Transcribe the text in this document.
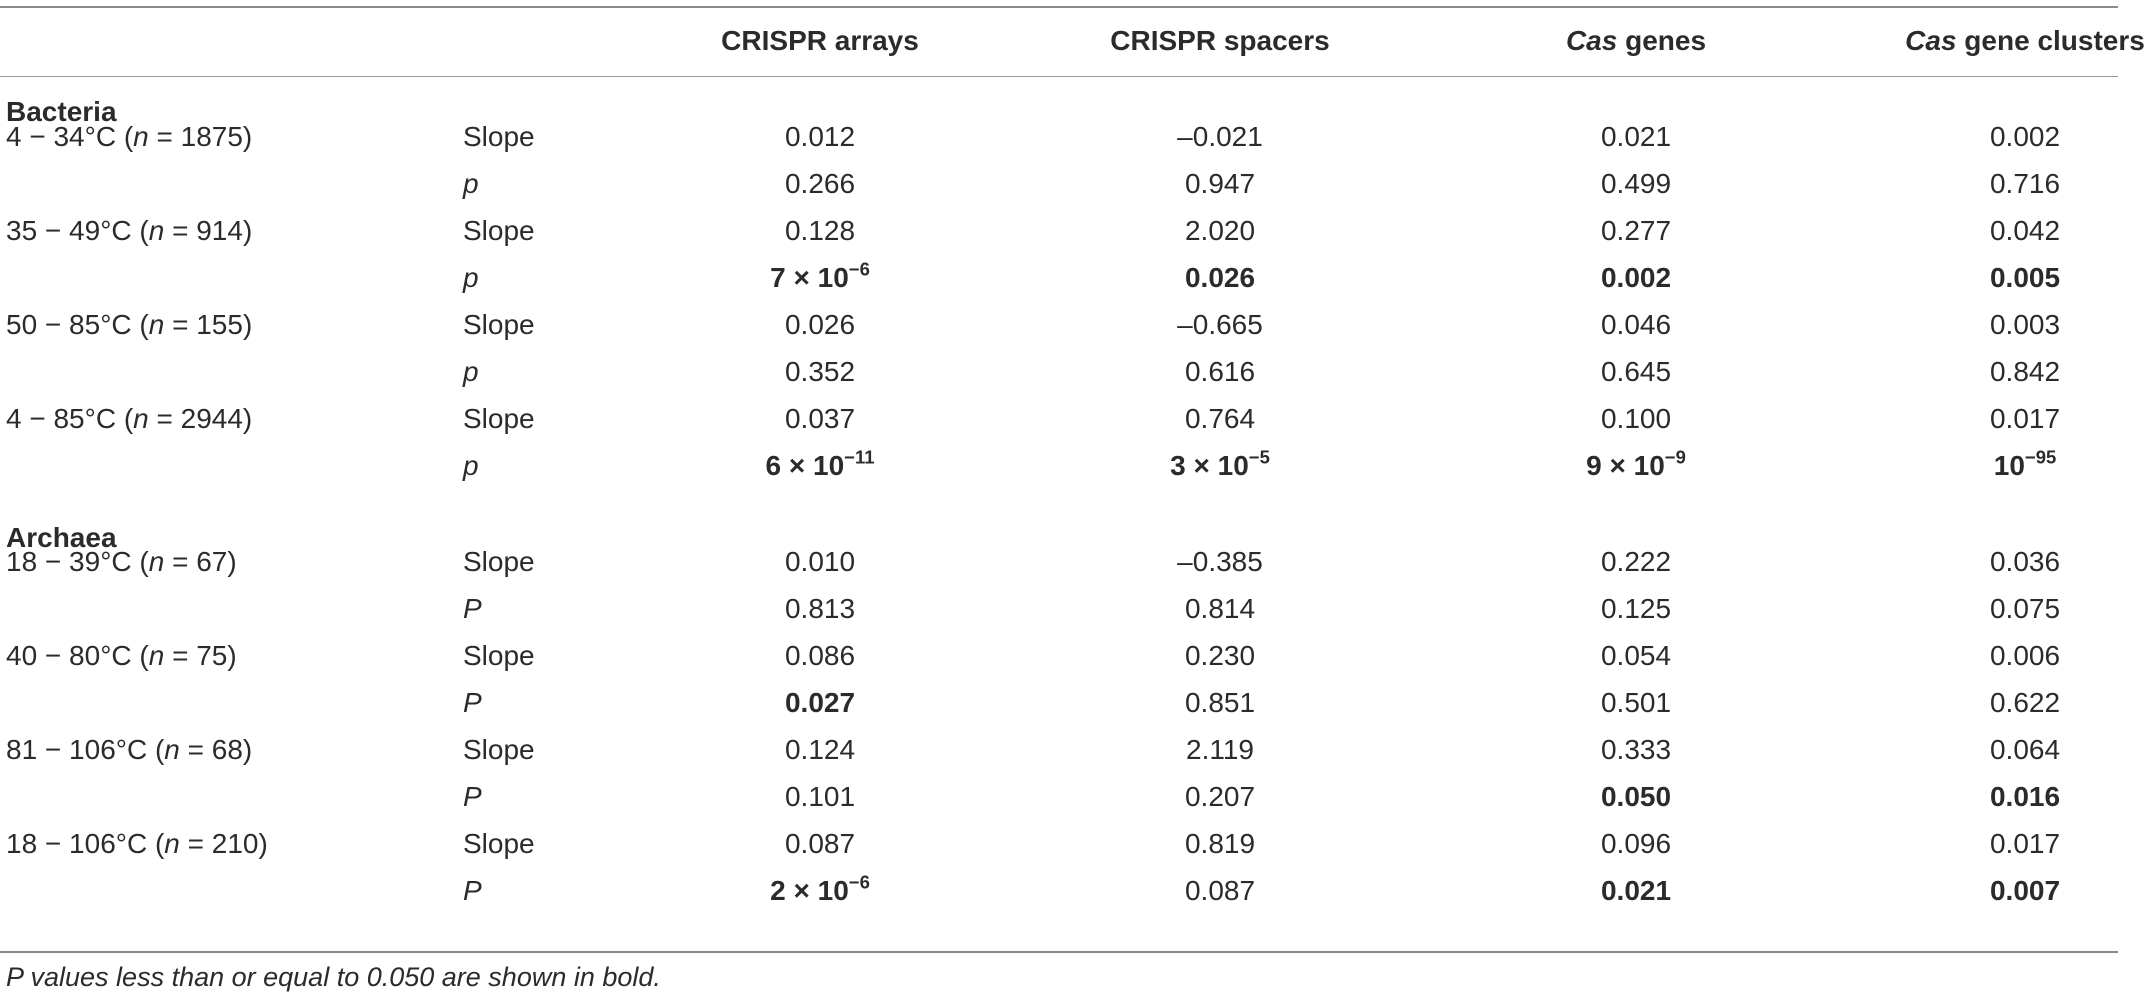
CRISPR arrays	CRISPR spacers	Cas genes	Cas gene clusters
Bacteria
Archaea
4 − 34°C (n = 1875)	Slope	0.012	–0.021	0.021	0.002
p	0.266	0.947	0.499	0.716
35 − 49°C (n = 914)	Slope	0.128	2.020	0.277	0.042
p	$7 \times 10^{-6}$	0.026	0.002	0.005
50 − 85°C (n = 155)	Slope	0.026	–0.665	0.046	0.003
p	0.352	0.616	0.645	0.842
4 − 85°C (n = 2944)	Slope	0.037	0.764	0.100	0.017
p	$6 \times 10^{-11}$	$3 \times 10^{-5}$	$9 \times 10^{-9}$	$10^{-95}$
18 − 39°C (n = 67)	Slope	0.010	–0.385	0.222	0.036
P	0.813	0.814	0.125	0.075
40 − 80°C (n = 75)	Slope	0.086	0.230	0.054	0.006
P	0.027	0.851	0.501	0.622
81 − 106°C (n = 68)	Slope	0.124	2.119	0.333	0.064
P	0.101	0.207	0.050	0.016
18 − 106°C (n = 210)	Slope	0.087	0.819	0.096	0.017
P	$2 \times 10^{-6}$	0.087	0.021	0.007
P values less than or equal to 0.050 are shown in bold.
